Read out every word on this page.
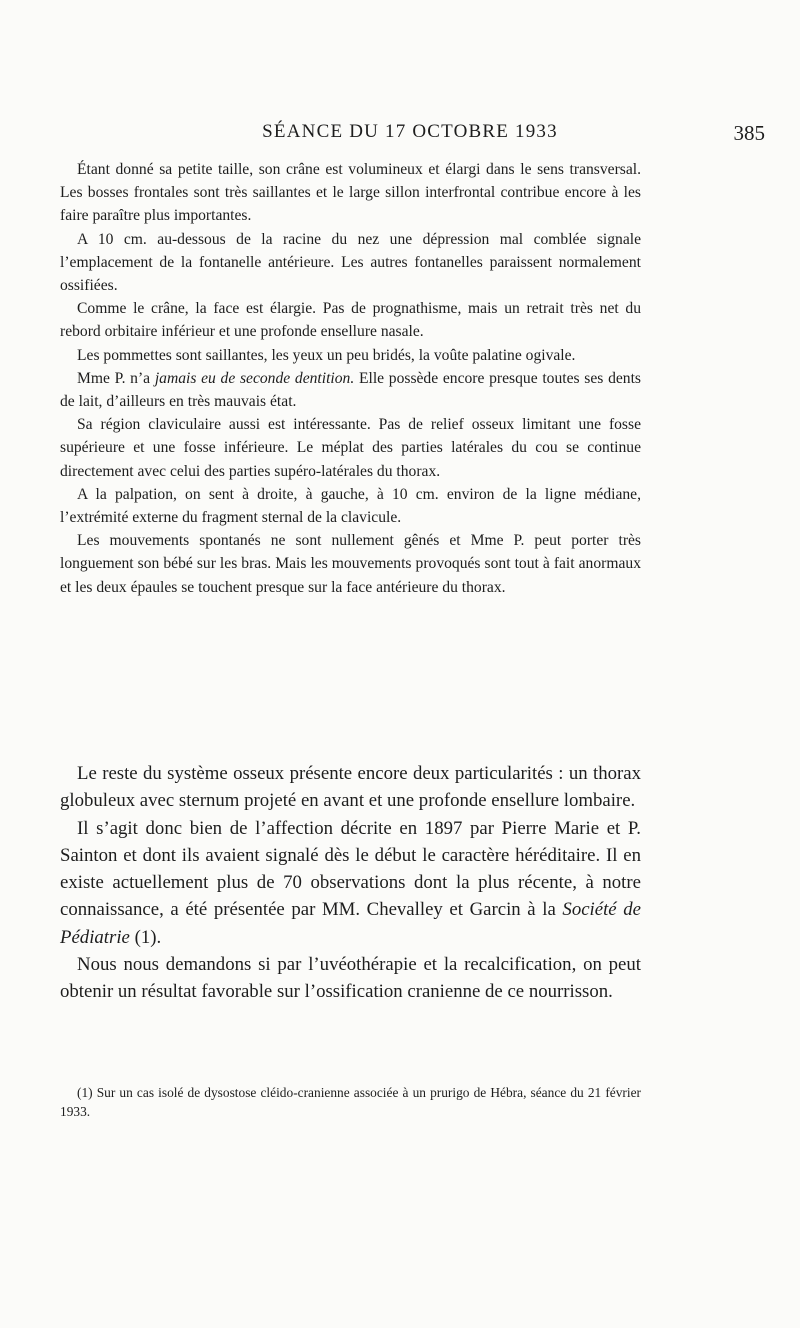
SÉANCE DU 17 OCTOBRE 1933	385

Étant donné sa petite taille, son crâne est volumineux et élargi dans le sens transversal. Les bosses frontales sont très saillantes et le large sillon interfrontal contribue encore à les faire paraître plus importantes.

A 10 cm. au-dessous de la racine du nez une dépression mal comblée signale l’emplacement de la fontanelle antérieure. Les autres fontanelles paraissent normalement ossifiées.

Comme le crâne, la face est élargie. Pas de prognathisme, mais un retrait très net du rebord orbitaire inférieur et une profonde ensellure nasale.

Les pommettes sont saillantes, les yeux un peu bridés, la voûte palatine ogivale.

Mme P. n’a jamais eu de seconde dentition. Elle possède encore presque toutes ses dents de lait, d’ailleurs en très mauvais état.

Sa région claviculaire aussi est intéressante. Pas de relief osseux limitant une fosse supérieure et une fosse inférieure. Le méplat des parties latérales du cou se continue directement avec celui des parties supéro-latérales du thorax.

A la palpation, on sent à droite, à gauche, à 10 cm. environ de la ligne médiane, l’extrémité externe du fragment sternal de la clavicule.

Les mouvements spontanés ne sont nullement gênés et Mme P. peut porter très longuement son bébé sur les bras. Mais les mouvements provoqués sont tout à fait anormaux et les deux épaules se touchent presque sur la face antérieure du thorax.

Le reste du système osseux présente encore deux particularités : un thorax globuleux avec sternum projeté en avant et une profonde ensellure lombaire.

Il s’agit donc bien de l’affection décrite en 1897 par Pierre Marie et P. Sainton et dont ils avaient signalé dès le début le caractère héréditaire. Il en existe actuellement plus de 70 observations dont la plus récente, à notre connaissance, a été présentée par MM. Chevalley et Garcin à la Société de Pédiatrie (1).

Nous nous demandons si par l’uvéothérapie et la recalcification, on peut obtenir un résultat favorable sur l’ossification cranienne de ce nourrisson.

(1) Sur un cas isolé de dysostose cléido-cranienne associée à un prurigo de Hébra, séance du 21 février 1933.
